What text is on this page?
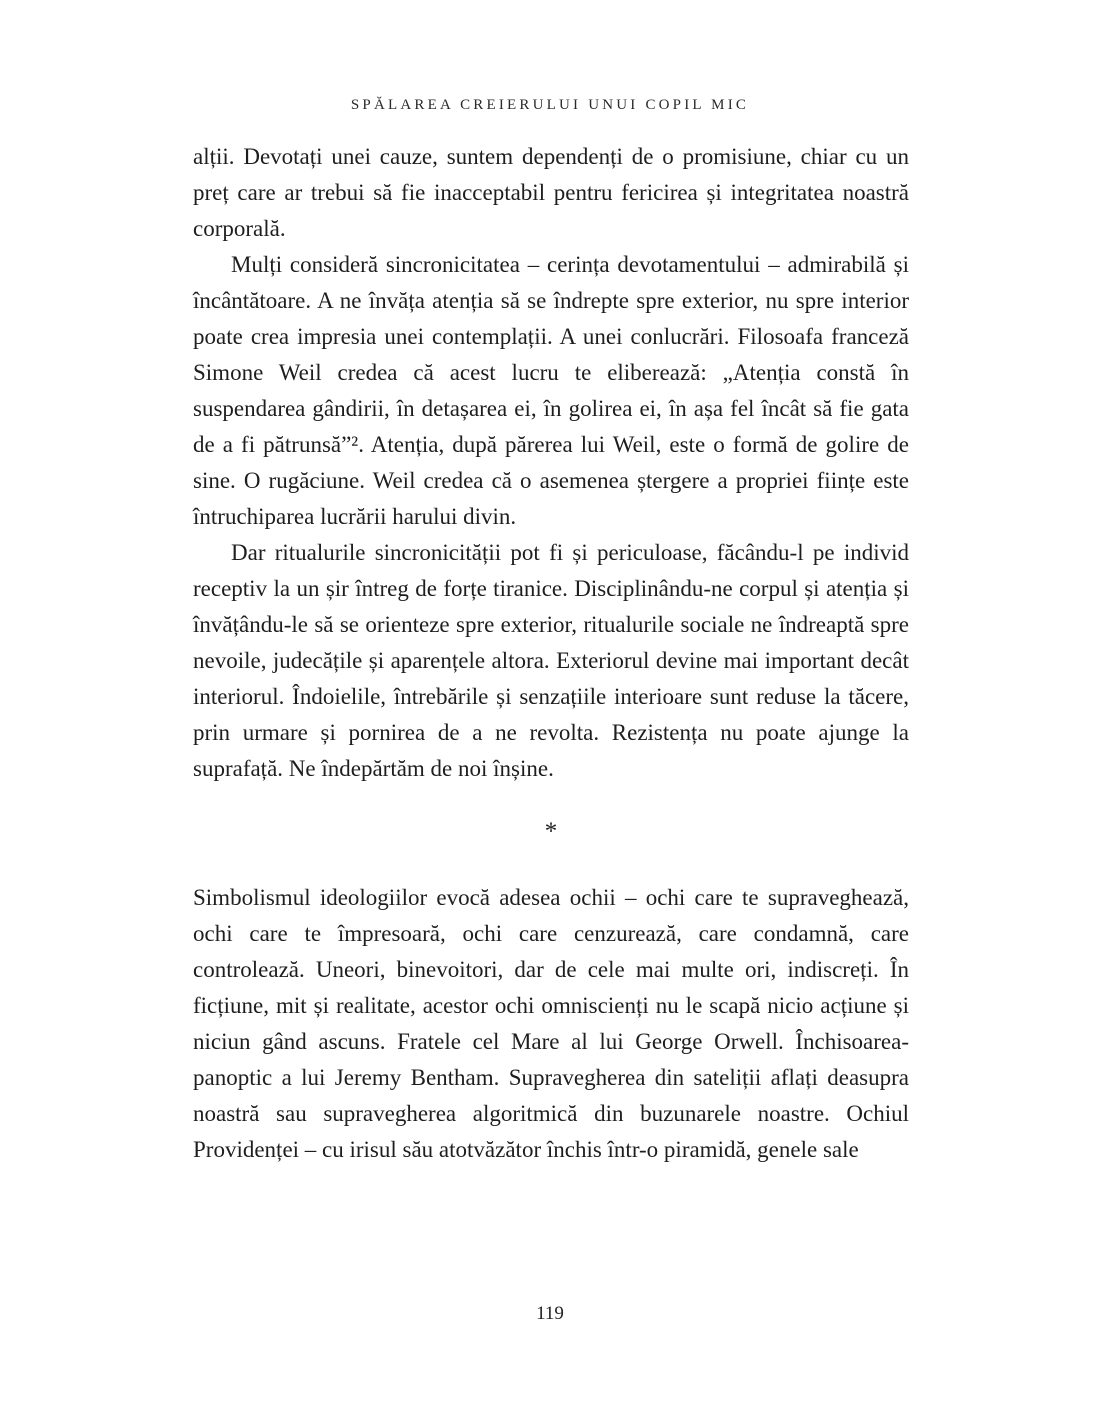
SPĂLAREA CREIERULUI UNUI COPIL MIC

alții. Devotați unei cauze, suntem dependenți de o promisiune, chiar cu un preț care ar trebui să fie inacceptabil pentru fericirea și integritatea noastră corporală.

Mulți consideră sincronicitatea – cerința devotamentului – admirabilă și încântătoare. A ne învăța atenția să se îndrepte spre exterior, nu spre interior poate crea impresia unei contemplații. A unei conlucrări. Filosoafa franceză Simone Weil credea că acest lucru te eliberează: „Atenția constă în suspendarea gândirii, în detașarea ei, în golirea ei, în așa fel încât să fie gata de a fi pătrunsă”². Atenția, după părerea lui Weil, este o formă de golire de sine. O rugăciune. Weil credea că o asemenea ștergere a propriei ființe este întruchiparea lucrării harului divin.

Dar ritualurile sincronicității pot fi și periculoase, făcându-l pe individ receptiv la un șir întreg de forțe tiranice. Disciplinându-ne corpul și atenția și învățându-le să se orienteze spre exterior, ritualurile sociale ne îndreaptă spre nevoile, judecățile și aparențele altora. Exteriorul devine mai important decât interiorul. Îndoielile, întrebările și senzațiile interioare sunt reduse la tăcere, prin urmare și pornirea de a ne revolta. Rezistența nu poate ajunge la suprafață. Ne îndepărtăm de noi înșine.

*

Simbolismul ideologiilor evocă adesea ochii – ochi care te supraveghează, ochi care te împresoară, ochi care cenzurează, care condamnă, care controlează. Uneori, binevoitori, dar de cele mai multe ori, indiscreți. În ficțiune, mit și realitate, acestor ochi omniscienți nu le scapă nicio acțiune și niciun gând ascuns. Fratele cel Mare al lui George Orwell. Închisoarea-panoptic a lui Jeremy Bentham. Supravegherea din sateliții aflați deasupra noastră sau supravegherea algoritmică din buzunarele noastre. Ochiul Providenței – cu irisul său atotvăzător închis într-o piramidă, genele sale

119
